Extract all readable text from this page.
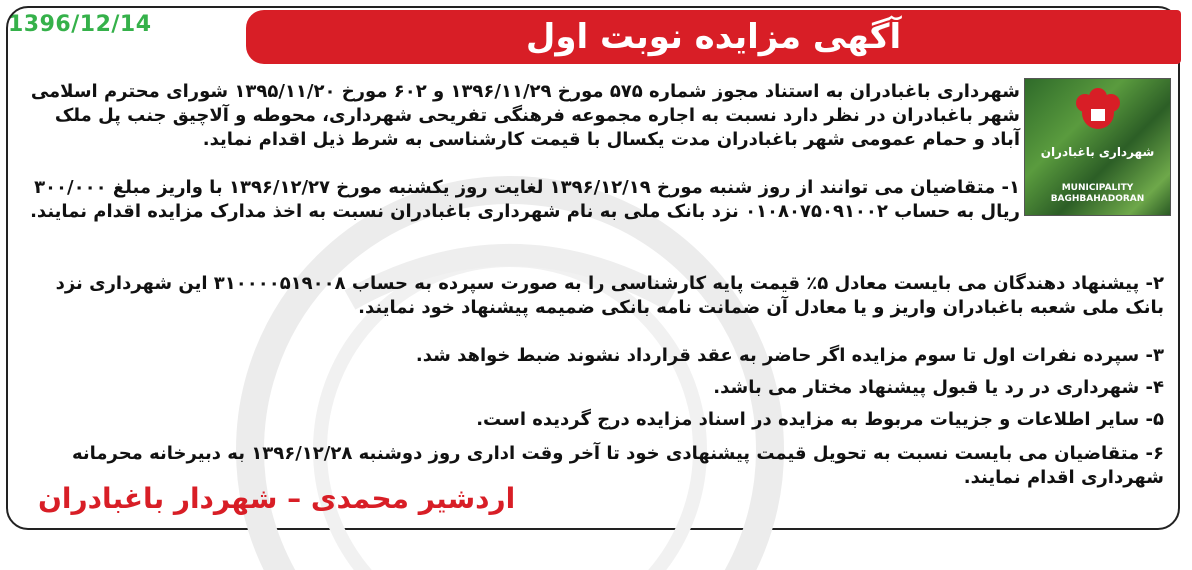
1396/12/14	آگهی مزایده نوبت اول
شهرداری باغبادران
MUNICIPALITY
BAGHBAHADORAN
شهرداری باغبادران به استناد مجوز شماره ۵۷۵ مورخ ۱۳۹۶/۱۱/۲۹ و ۶۰۲ مورخ ۱۳۹۵/۱۱/۲۰ شورای محترم اسلامی شهر باغبادران در نظر دارد نسبت به اجاره مجموعه فرهنگی تفریحی شهرداری، محوطه و آلاچیق جنب پل ملک آباد و حمام عمومی شهر باغبادران مدت یکسال با قیمت کارشناسی به شرط ذیل اقدام نماید.
۱- متقاضیان می توانند از روز شنبه مورخ ۱۳۹۶/۱۲/۱۹ لغایت روز یکشنبه مورخ ۱۳۹۶/۱۲/۲۷ با واریز مبلغ ۳۰۰/۰۰۰ ریال به حساب ۰۱۰۸۰۷۵۰۹۱۰۰۲ نزد بانک ملی به نام شهرداری باغبادران نسبت به اخذ مدارک مزایده اقدام نمایند.
۲- پیشنهاد دهندگان می بایست معادل ۵٪ قیمت پایه کارشناسی را به صورت سپرده به حساب ۳۱۰۰۰۰۵۱۹۰۰۸ این شهرداری نزد بانک ملی شعبه باغبادران واریز و یا معادل آن ضمانت نامه بانکی ضمیمه پیشنهاد خود نمایند.
۳- سپرده نفرات اول تا سوم مزایده اگر حاضر به عقد قرارداد نشوند ضبط خواهد شد.
۴- شهرداری در رد یا قبول پیشنهاد مختار می باشد.
۵- سایر اطلاعات و جزییات مربوط به مزایده در اسناد مزایده درج گردیده است.
۶- متقاضیان می بایست نسبت به تحویل قیمت پیشنهادی خود تا آخر وقت اداری روز دوشنبه ۱۳۹۶/۱۲/۲۸ به دبیرخانه محرمانه شهرداری اقدام نمایند.
اردشیر محمدی – شهردار باغبادران
